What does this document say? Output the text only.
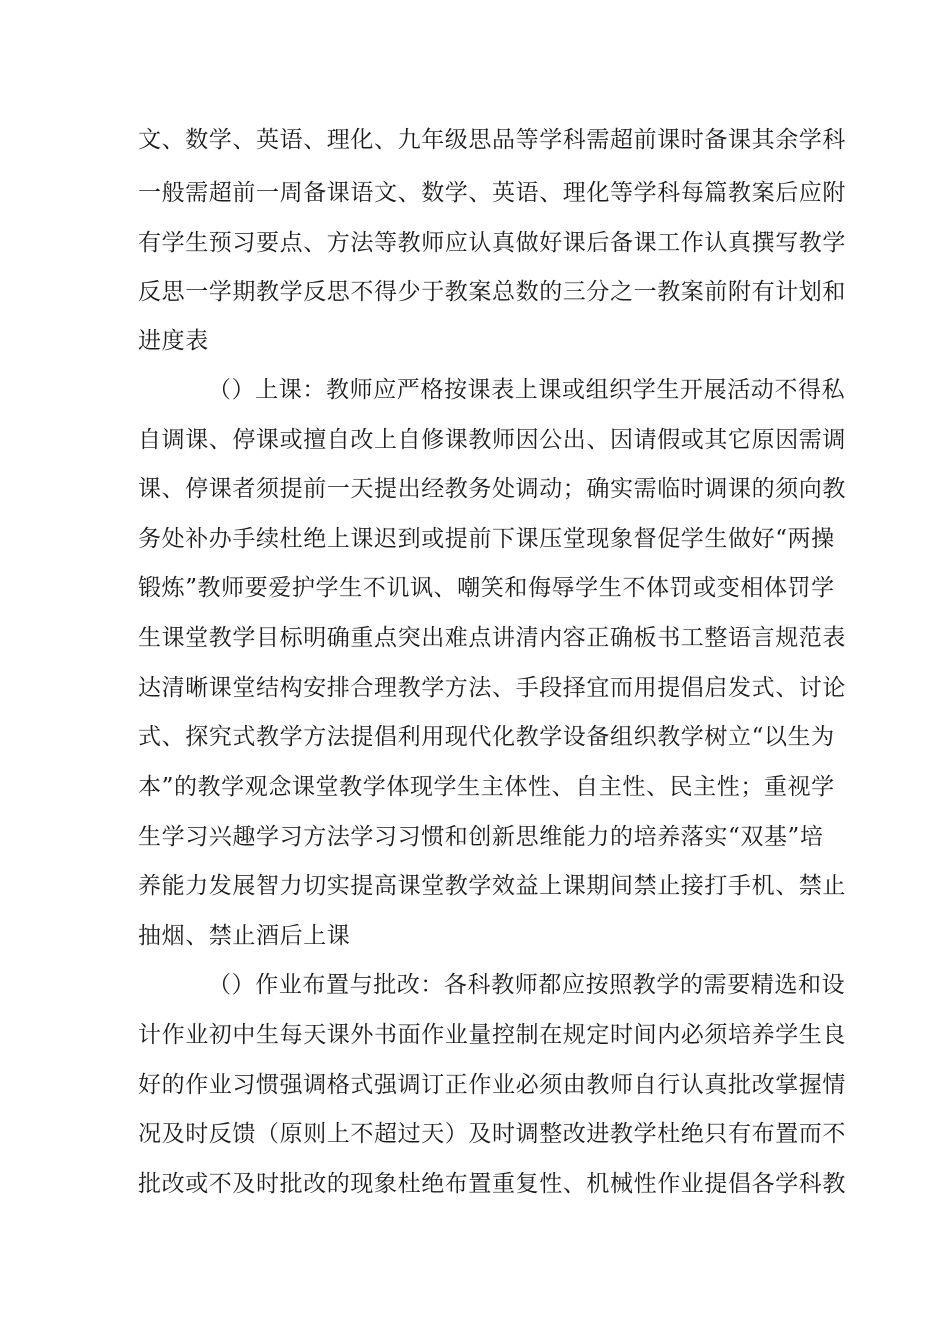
文、数学、英语、理化、九年级思品等学科需超前课时备课其余学科
一般需超前一周备课语文、数学、英语、理化等学科每篇教案后应附
有学生预习要点、方法等教师应认真做好课后备课工作认真撰写教学
反思一学期教学反思不得少于教案总数的三分之一教案前附有计划和
进度表
（）上课：教师应严格按课表上课或组织学生开展活动不得私
自调课、停课或擅自改上自修课教师因公出、因请假或其它原因需调
课、停课者须提前一天提出经教务处调动；确实需临时调课的须向教
务处补办手续杜绝上课迟到或提前下课压堂现象督促学生做好“两操
锻炼”教师要爱护学生不讥讽、嘲笑和侮辱学生不体罚或变相体罚学
生课堂教学目标明确重点突出难点讲清内容正确板书工整语言规范表
达清晰课堂结构安排合理教学方法、手段择宜而用提倡启发式、讨论
式、探究式教学方法提倡利用现代化教学设备组织教学树立“以生为
本”的教学观念课堂教学体现学生主体性、自主性、民主性；重视学
生学习兴趣学习方法学习习惯和创新思维能力的培养落实“双基”培
养能力发展智力切实提高课堂教学效益上课期间禁止接打手机、禁止
抽烟、禁止酒后上课
（）作业布置与批改：各科教师都应按照教学的需要精选和设
计作业初中生每天课外书面作业量控制在规定时间内必须培养学生良
好的作业习惯强调格式强调订正作业必须由教师自行认真批改掌握情
况及时反馈（原则上不超过天）及时调整改进教学杜绝只有布置而不
批改或不及时批改的现象杜绝布置重复性、机械性作业提倡各学科教
